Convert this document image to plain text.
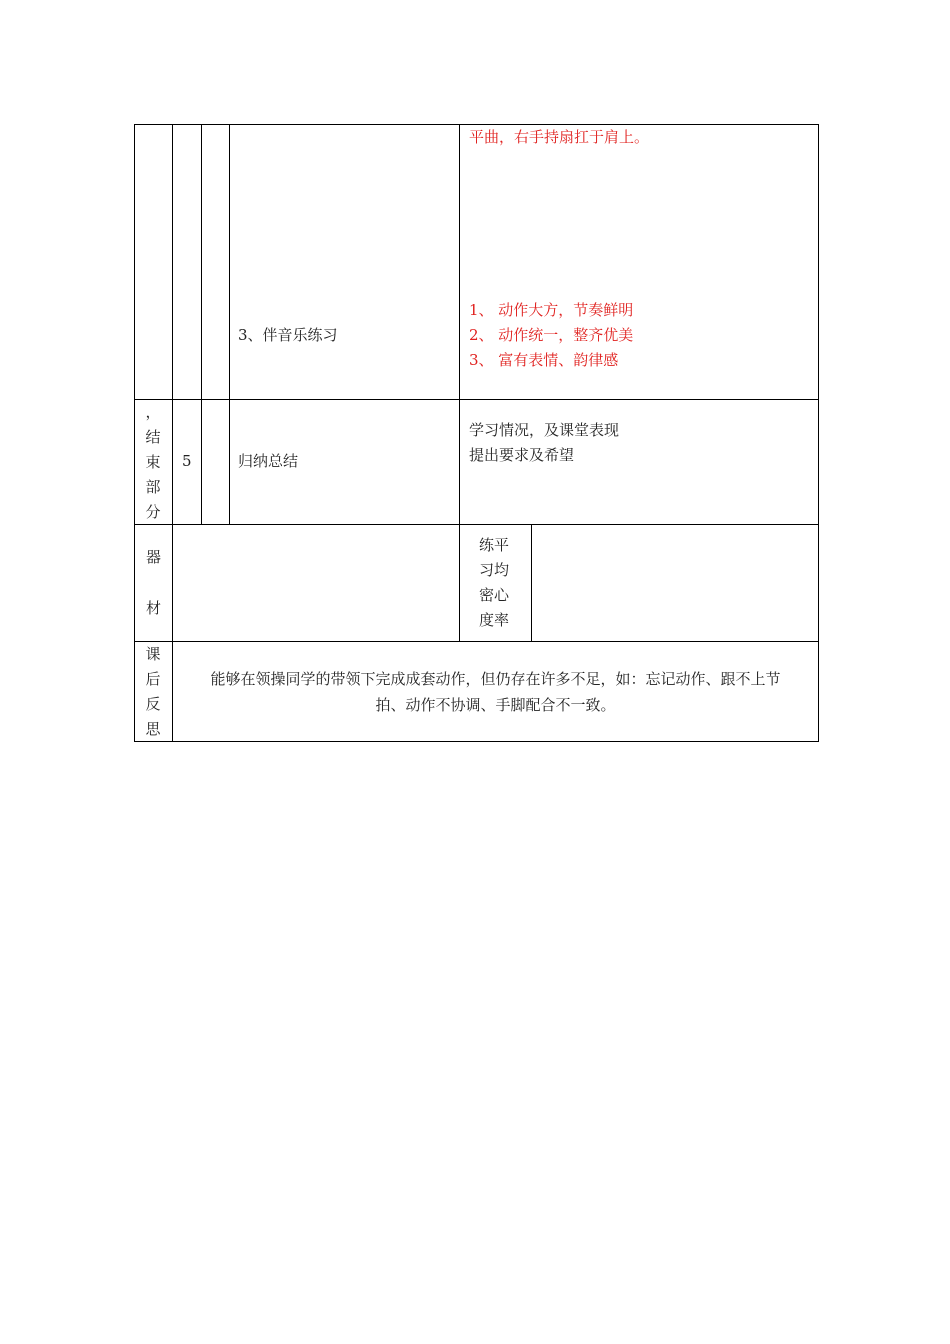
3、伴音乐练习
平曲，右手持扇扛于肩上。
1、 动作大方，节奏鲜明
2、 动作统一，整齐优美
3、 富有表情、韵律感
，
结
束
部
分
5	归纳总结
学习情况，及课堂表现
提出要求及希望
器
材
练平
习均
密心
度率
课
后
反
思
能够在领操同学的带领下完成成套动作，但仍存在许多不足，如：忘记动作、跟不上节
拍、动作不协调、手脚配合不一致。
